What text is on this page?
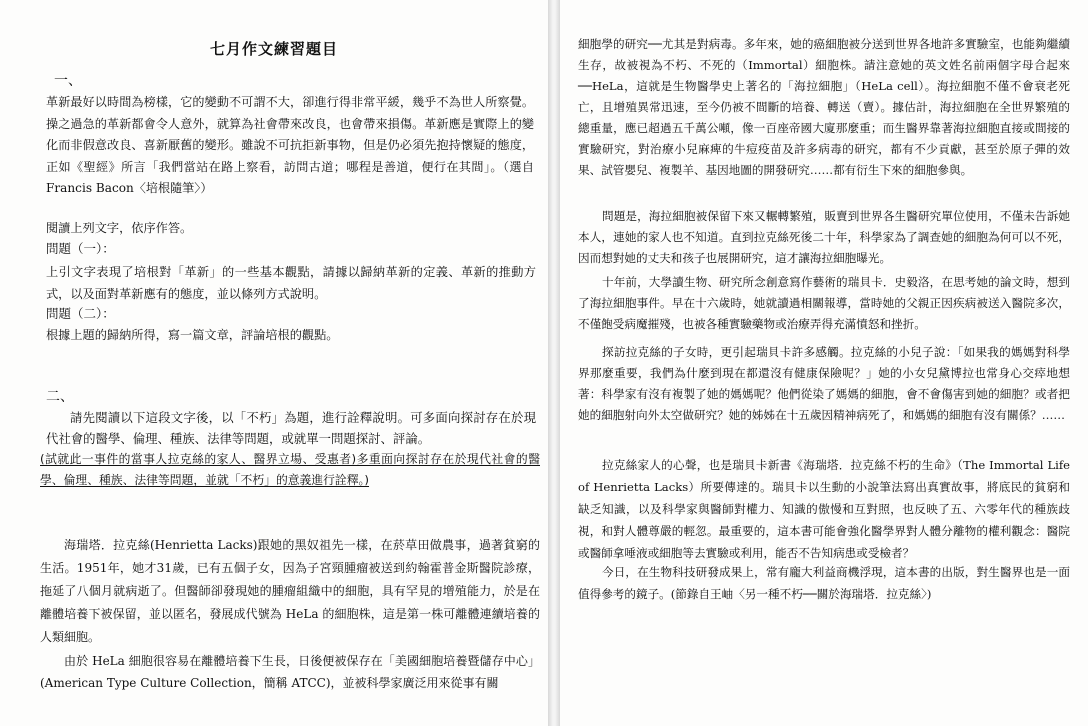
七月作文練習題目
一、

革新最好以時間為榜樣，它的變動不可謂不大，卻進行得非常平緩，幾乎不為世人所察覺。操之過急的革新都會令人意外，就算為社會帶來改良，也會帶來損傷。革新應是實際上的變化而非假意改良、喜新厭舊的變形。雖說不可抗拒新事物，但是仍必須先抱持懷疑的態度，正如《聖經》所言「我們當站在路上察看，訪問古道；哪程是善道，便行在其間」。（選自Francis Bacon〈培根隨筆〉）

閱讀上列文字，依序作答。

問題（一）：

上引文字表現了培根對「革新」的一些基本觀點，請據以歸納革新的定義、革新的推動方式，以及面對革新應有的態度，並以條列方式說明。

問題（二）：

根據上題的歸納所得，寫一篇文章，評論培根的觀點。

二、

請先閱讀以下這段文字後，以「不朽」為題，進行詮釋說明。可多面向探討存在於現代社會的醫學、倫理、種族、法律等問題，或就單一問題探討、評論。

(試就此一事件的當事人拉克絲的家人、醫界立場、受惠者)多重面向探討存在於現代社會的醫學、倫理、種族、法律等問題，並就「不朽」的意義進行詮釋。)

海瑞塔．拉克絲(Henrietta Lacks)跟她的黑奴祖先一樣，在菸草田做農事，過著貧窮的生活。1951年，她才31歲，已有五個子女，因為子宮頸腫瘤被送到約翰霍普金斯醫院診療，拖延了八個月就病逝了。但醫師卻發現她的腫瘤組織中的細胞，具有罕見的增殖能力，於是在離體培養下被保留，並以匿名，發展成代號為 HeLa 的細胞株，這是第一株可離體連續培養的人類細胞。

由於 HeLa 細胞很容易在離體培養下生長，日後便被保存在「美國細胞培養暨儲存中心」(American Type Culture Collection，簡稱 ATCC)，並被科學家廣泛用來從事有關

細胞學的研究──尤其是對病毒。多年來，她的癌細胞被分送到世界各地許多實驗室，也能夠繼續生存，故被視為不朽、不死的（Immortal）細胞株。請注意她的英文姓名前兩個字母合起來──HeLa，這就是生物醫學史上著名的「海拉細胞」（HeLa cell）。海拉細胞不僅不會衰老死亡，且增殖異常迅速，至今仍被不間斷的培養、轉送（賣）。據估計，海拉細胞在全世界繁殖的總重量，應已超過五千萬公噸，像一百座帝國大廈那麼重；而生醫界靠著海拉細胞直接或間接的實驗研究，對治療小兒麻痺的牛痘疫苗及許多病毒的研究，都有不少貢獻，甚至於原子彈的效果、試管嬰兒、複製羊、基因地圖的開發研究……都有衍生下來的細胞參與。

問題是，海拉細胞被保留下來又輾轉繁殖，販賣到世界各生醫研究單位使用，不僅未告訴她本人，連她的家人也不知道。直到拉克絲死後二十年，科學家為了調查她的細胞為何可以不死，因而想對她的丈夫和孩子也展開研究，這才讓海拉細胞曝光。

十年前，大學讀生物、研究所念創意寫作藝術的瑞貝卡．史毅洛，在思考她的論文時，想到了海拉細胞事件。早在十六歲時，她就讀過相關報導，當時她的父親正因疾病被送入醫院多次，不僅飽受病魔摧殘，也被各種實驗藥物或治療弄得充滿憤怒和挫折。

探訪拉克絲的子女時，更引起瑞貝卡許多感觸。拉克絲的小兒子說：「如果我的媽媽對科學界那麼重要，我們為什麼到現在都還沒有健康保險呢？」她的小女兒黛博拉也常身心交瘁地想著：科學家有沒有複製了她的媽媽呢？他們從染了媽媽的細胞，會不會傷害到她的細胞？或者把她的細胞射向外太空做研究？她的姊姊在十五歲因精神病死了，和媽媽的細胞有沒有關係？……

拉克絲家人的心聲，也是瑞貝卡新書《海瑞塔．拉克絲不朽的生命》（The Immortal Life of Henrietta Lacks）所要傳達的。瑞貝卡以生動的小說筆法寫出真實故事，將底民的貧窮和缺乏知識，以及科學家與醫師對權力、知識的傲慢和互對照，也反映了五、六零年代的種族歧視，和對人體尊嚴的輕忽。最重要的，這本書可能會強化醫學界對人體分離物的權利觀念：醫院或醫師拿唾液或細胞等去實驗或利用，能否不告知病患或受檢者？

今日，在生物科技研發成果上，常有龐大利益商機浮現，這本書的出版，對生醫界也是一面值得參考的鏡子。(節錄自王岫〈另一種不朽──關於海瑞塔．拉克絲〉)
